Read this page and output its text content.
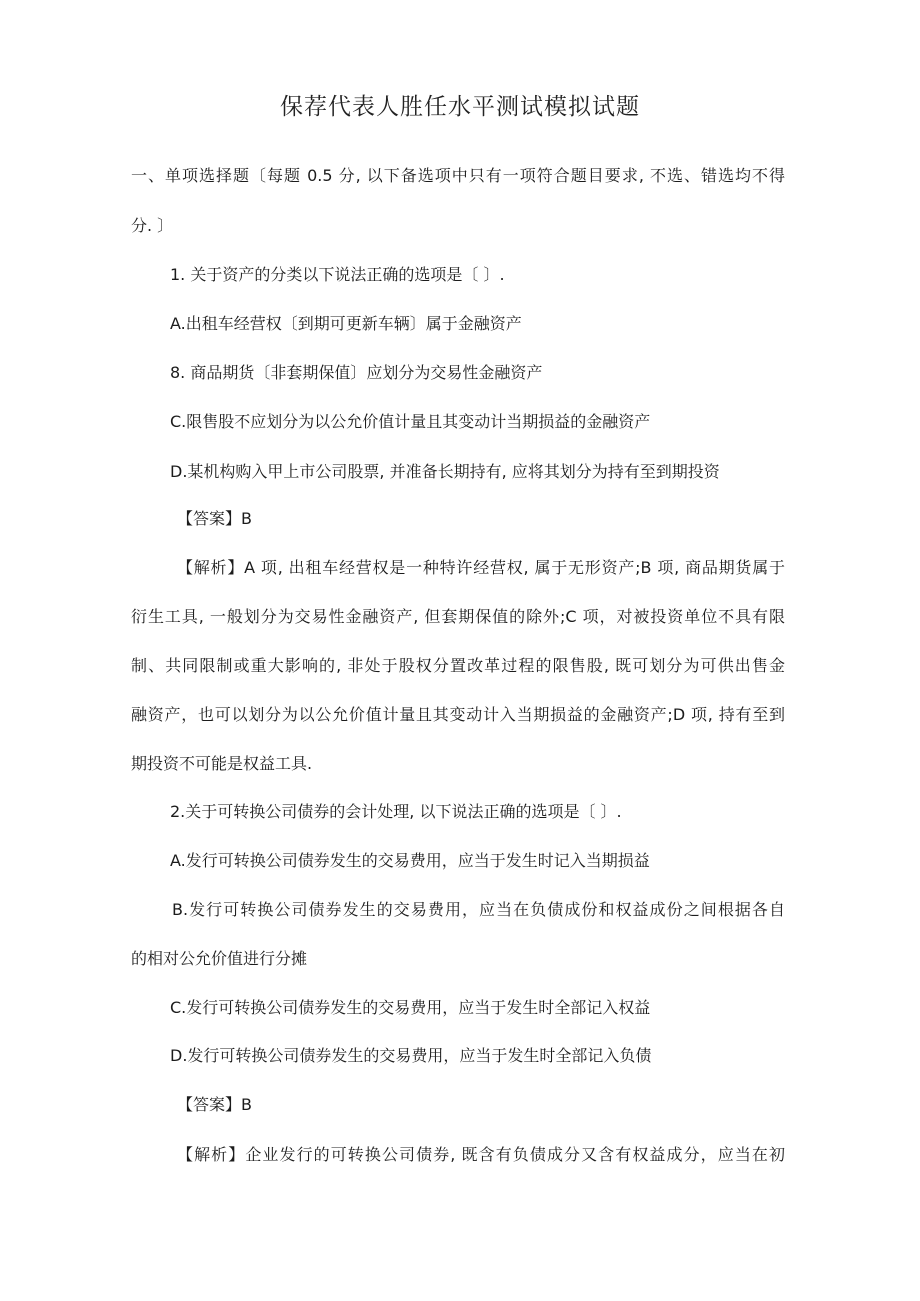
保荐代表人胜任水平测试模拟试题
一、单项选择题〔每题 0.5 分, 以下备选项中只有一项符合题目要求, 不选、错选均不得
分. 〕
1. 关于资产的分类以下说法正确的选项是〔 〕.
A.出租车经营权〔到期可更新车辆〕属于金融资产
8. 商品期货〔非套期保值〕应划分为交易性金融资产
C.限售股不应划分为以公允价值计量且其变动计当期损益的金融资产
D.某机构购入甲上市公司股票, 并准备长期持有, 应将其划分为持有至到期投资
【答案】B
【解析】A 项, 出租车经营权是一种特许经营权, 属于无形资产;B 项, 商品期货属于
衍生工具, 一般划分为交易性金融资产, 但套期保值的除外;C 项，对被投资单位不具有限
制、共同限制或重大影响的, 非处于股权分置改革过程的限售股, 既可划分为可供出售金
融资产，也可以划分为以公允价值计量且其变动计入当期损益的金融资产;D 项, 持有至到
期投资不可能是权益工具.
2.关于可转换公司债券的会计处理, 以下说法正确的选项是〔 〕.
A.发行可转换公司债券发生的交易费用，应当于发生时记入当期损益
B.发行可转换公司债券发生的交易费用，应当在负债成份和权益成份之间根据各自
的相对公允价值进行分摊
C.发行可转换公司债券发生的交易费用，应当于发生时全部记入权益
D.发行可转换公司债券发生的交易费用，应当于发生时全部记入负债
【答案】B
【解析】企业发行的可转换公司债券, 既含有负债成分又含有权益成分，应当在初
